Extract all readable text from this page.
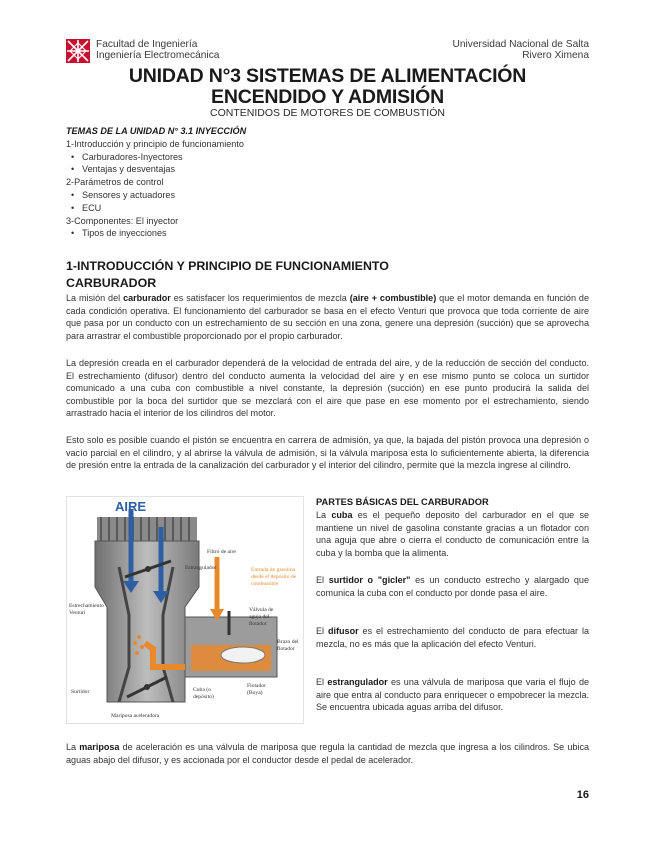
Facultad de Ingeniería
Ingeniería Electromecánica
Universidad Nacional de Salta
Rivero Ximena
UNIDAD N°3 SISTEMAS DE ALIMENTACIÓN
ENCENDIDO Y ADMISIÓN
CONTENIDOS DE MOTORES DE COMBUSTIÓN
TEMAS DE LA UNIDAD N° 3.1 INYECCIÓN
1-Introducción y principio de funcionamiento
• Carburadores-Inyectores
• Ventajas y desventajas
2-Parámetros de control
• Sensores y actuadores
• ECU
3-Componentes: El inyector
• Tipos de inyecciones
1-INTRODUCCIÓN Y PRINCIPIO DE FUNCIONAMIENTO
CARBURADOR
La misión del carburador es satisfacer los requerimientos de mezcla (aire + combustible) que el motor demanda en función de cada condición operativa. El funcionamiento del carburador se basa en el efecto Venturi que provoca que toda corriente de aire que pasa por un conducto con un estrechamiento de su sección en una zona, genere una depresión (succión) que se aprovecha para arrastrar el combustible proporcionado por el propio carburador.
La depresión creada en el carburador dependerá de la velocidad de entrada del aire, y de la reducción de sección del conducto. El estrechamiento (difusor) dentro del conducto aumenta la velocidad del aire y en ese mismo punto se coloca un surtidor comunicado a una cuba con combustible a nivel constante, la depresión (succión) en ese punto producirá la salida del combustible por la boca del surtidor que se mezclará con el aire que pase en ese momento por el estrechamiento, siendo arrastrado hacia el interior de los cilindros del motor.
Esto solo es posible cuando el pistón se encuentra en carrera de admisión, ya que, la bajada del pistón provoca una depresión o vacío parcial en el cilindro, y al abrirse la válvula de admisión, si la válvula mariposa esta lo suficientemente abierta, la diferencia de presión entre la entrada de la canalización del carburador y el interior del cilindro, permite que la mezcla ingrese al cilindro.
AIRE
Filtro de aire
Estrangulador	Entrada de gasolina
desde el depósito de
combustible
Estrechamiento
Venturi	Válvula de
aguja del
flotador
Brazo del
flotador
Surtidor	Cuba (o
depósito)
Flotador
(Boya)
Mariposa aceleradora
PARTES BÁSICAS DEL CARBURADOR
La cuba es el pequeño deposito del carburador en el que se mantiene un nivel de gasolina constante gracias a un flotador con una aguja que abre o cierra el conducto de comunicación entre la cuba y la bomba que la alimenta.
El surtidor o "gicler" es un conducto estrecho y alargado que comunica la cuba con el conducto por donde pasa el aire.
El difusor es el estrechamiento del conducto de para efectuar la mezcla, no es más que la aplicación del efecto Venturi.
El estrangulador es una válvula de mariposa que varia el flujo de aire que entra al conducto para enriquecer o empobrecer la mezcla. Se encuentra ubicada aguas arriba del difusor.
La mariposa de aceleración es una válvula de mariposa que regula la cantidad de mezcla que ingresa a los cilindros. Se ubica aguas abajo del difusor, y es accionada por el conductor desde el pedal de acelerador.
16
